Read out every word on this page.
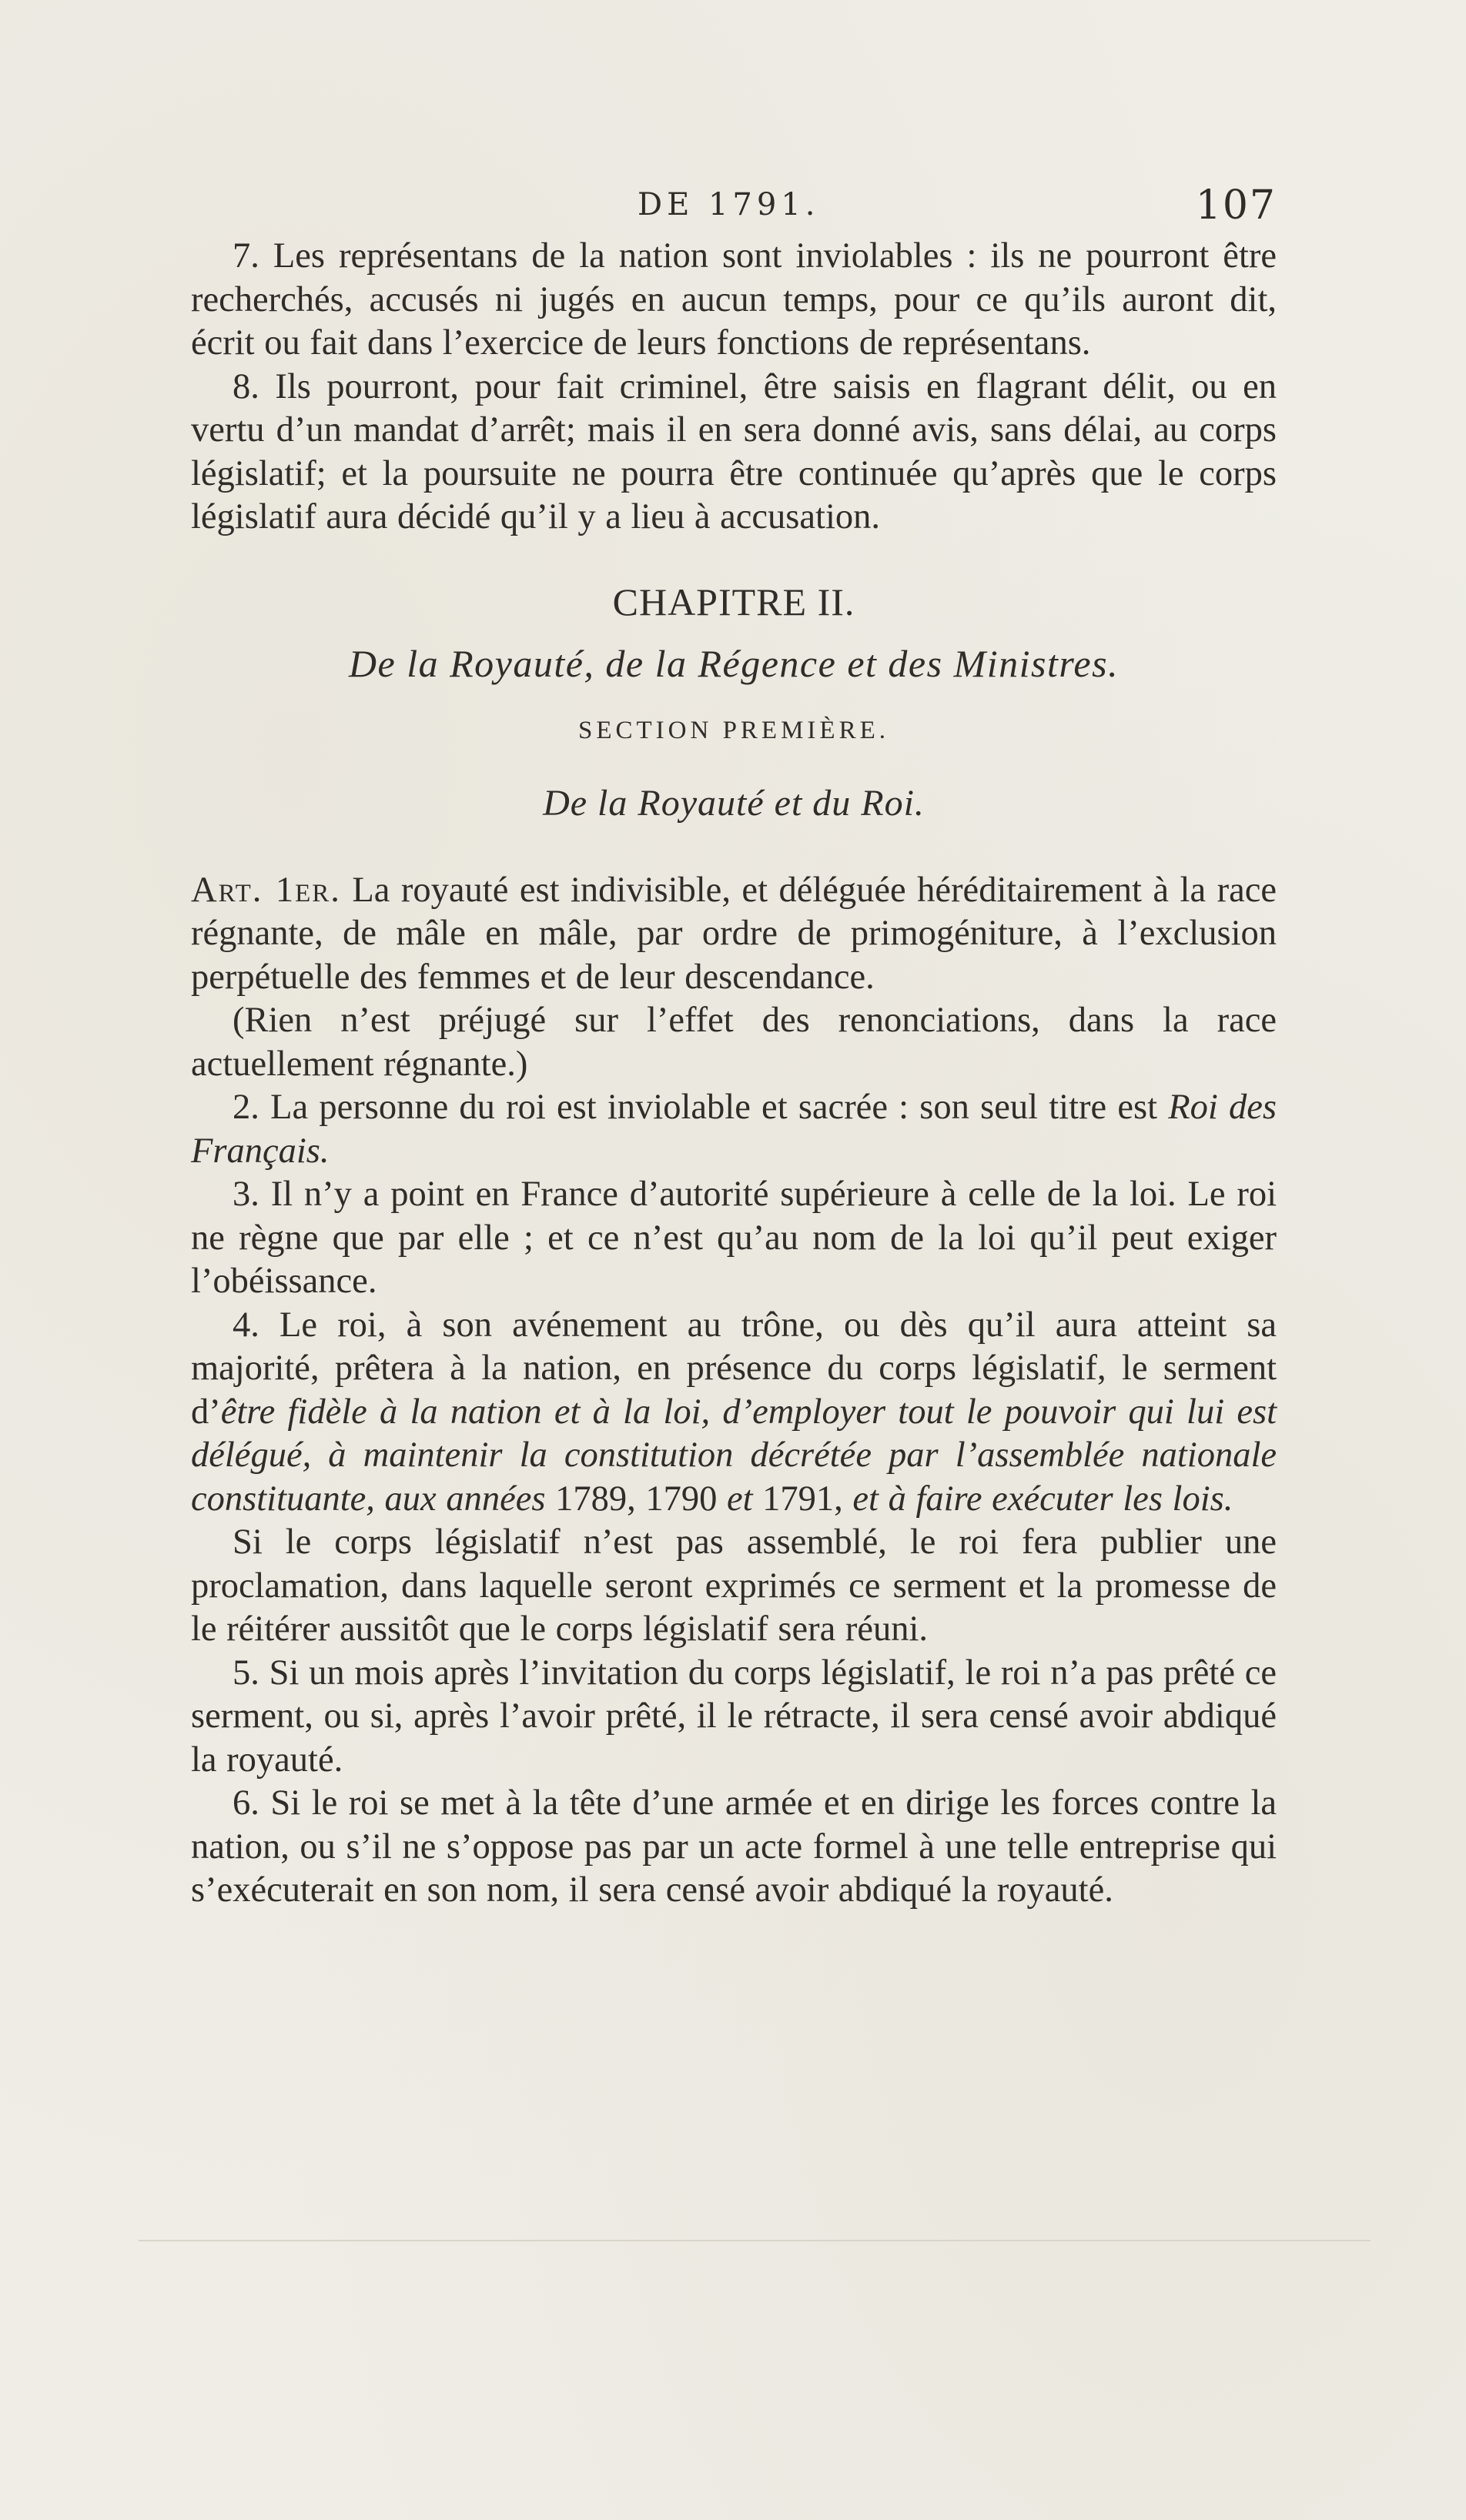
DE 1791.	107

7. Les représentans de la nation sont inviolables : ils ne pourront être recherchés, accusés ni jugés en aucun temps, pour ce qu’ils auront dit, écrit ou fait dans l’exercice de leurs fonctions de représentans.

8. Ils pourront, pour fait criminel, être saisis en flagrant délit, ou en vertu d’un mandat d’arrêt; mais il en sera donné avis, sans délai, au corps législatif; et la poursuite ne pourra être continuée qu’après que le corps législatif aura décidé qu’il y a lieu à accusation.

CHAPITRE II.
De la Royauté, de la Régence et des Ministres.
SECTION PREMIÈRE.
De la Royauté et du Roi.

Art. 1er. La royauté est indivisible, et déléguée héréditairement à la race régnante, de mâle en mâle, par ordre de primogéniture, à l’exclusion perpétuelle des femmes et de leur descendance.

(Rien n’est préjugé sur l’effet des renonciations, dans la race actuellement régnante.)

2. La personne du roi est inviolable et sacrée : son seul titre est Roi des Français.

3. Il n’y a point en France d’autorité supérieure à celle de la loi. Le roi ne règne que par elle ; et ce n’est qu’au nom de la loi qu’il peut exiger l’obéissance.

4. Le roi, à son avénement au trône, ou dès qu’il aura atteint sa majorité, prêtera à la nation, en présence du corps législatif, le serment d’être fidèle à la nation et à la loi, d’employer tout le pouvoir qui lui est délégué, à maintenir la constitution décrétée par l’assemblée nationale constituante, aux années 1789, 1790 et 1791, et à faire exécuter les lois.

Si le corps législatif n’est pas assemblé, le roi fera publier une proclamation, dans laquelle seront exprimés ce serment et la promesse de le réitérer aussitôt que le corps législatif sera réuni.

5. Si un mois après l’invitation du corps législatif, le roi n’a pas prêté ce serment, ou si, après l’avoir prêté, il le rétracte, il sera censé avoir abdiqué la royauté.

6. Si le roi se met à la tête d’une armée et en dirige les forces contre la nation, ou s’il ne s’oppose pas par un acte formel à une telle entreprise qui s’exécuterait en son nom, il sera censé avoir abdiqué la royauté.
